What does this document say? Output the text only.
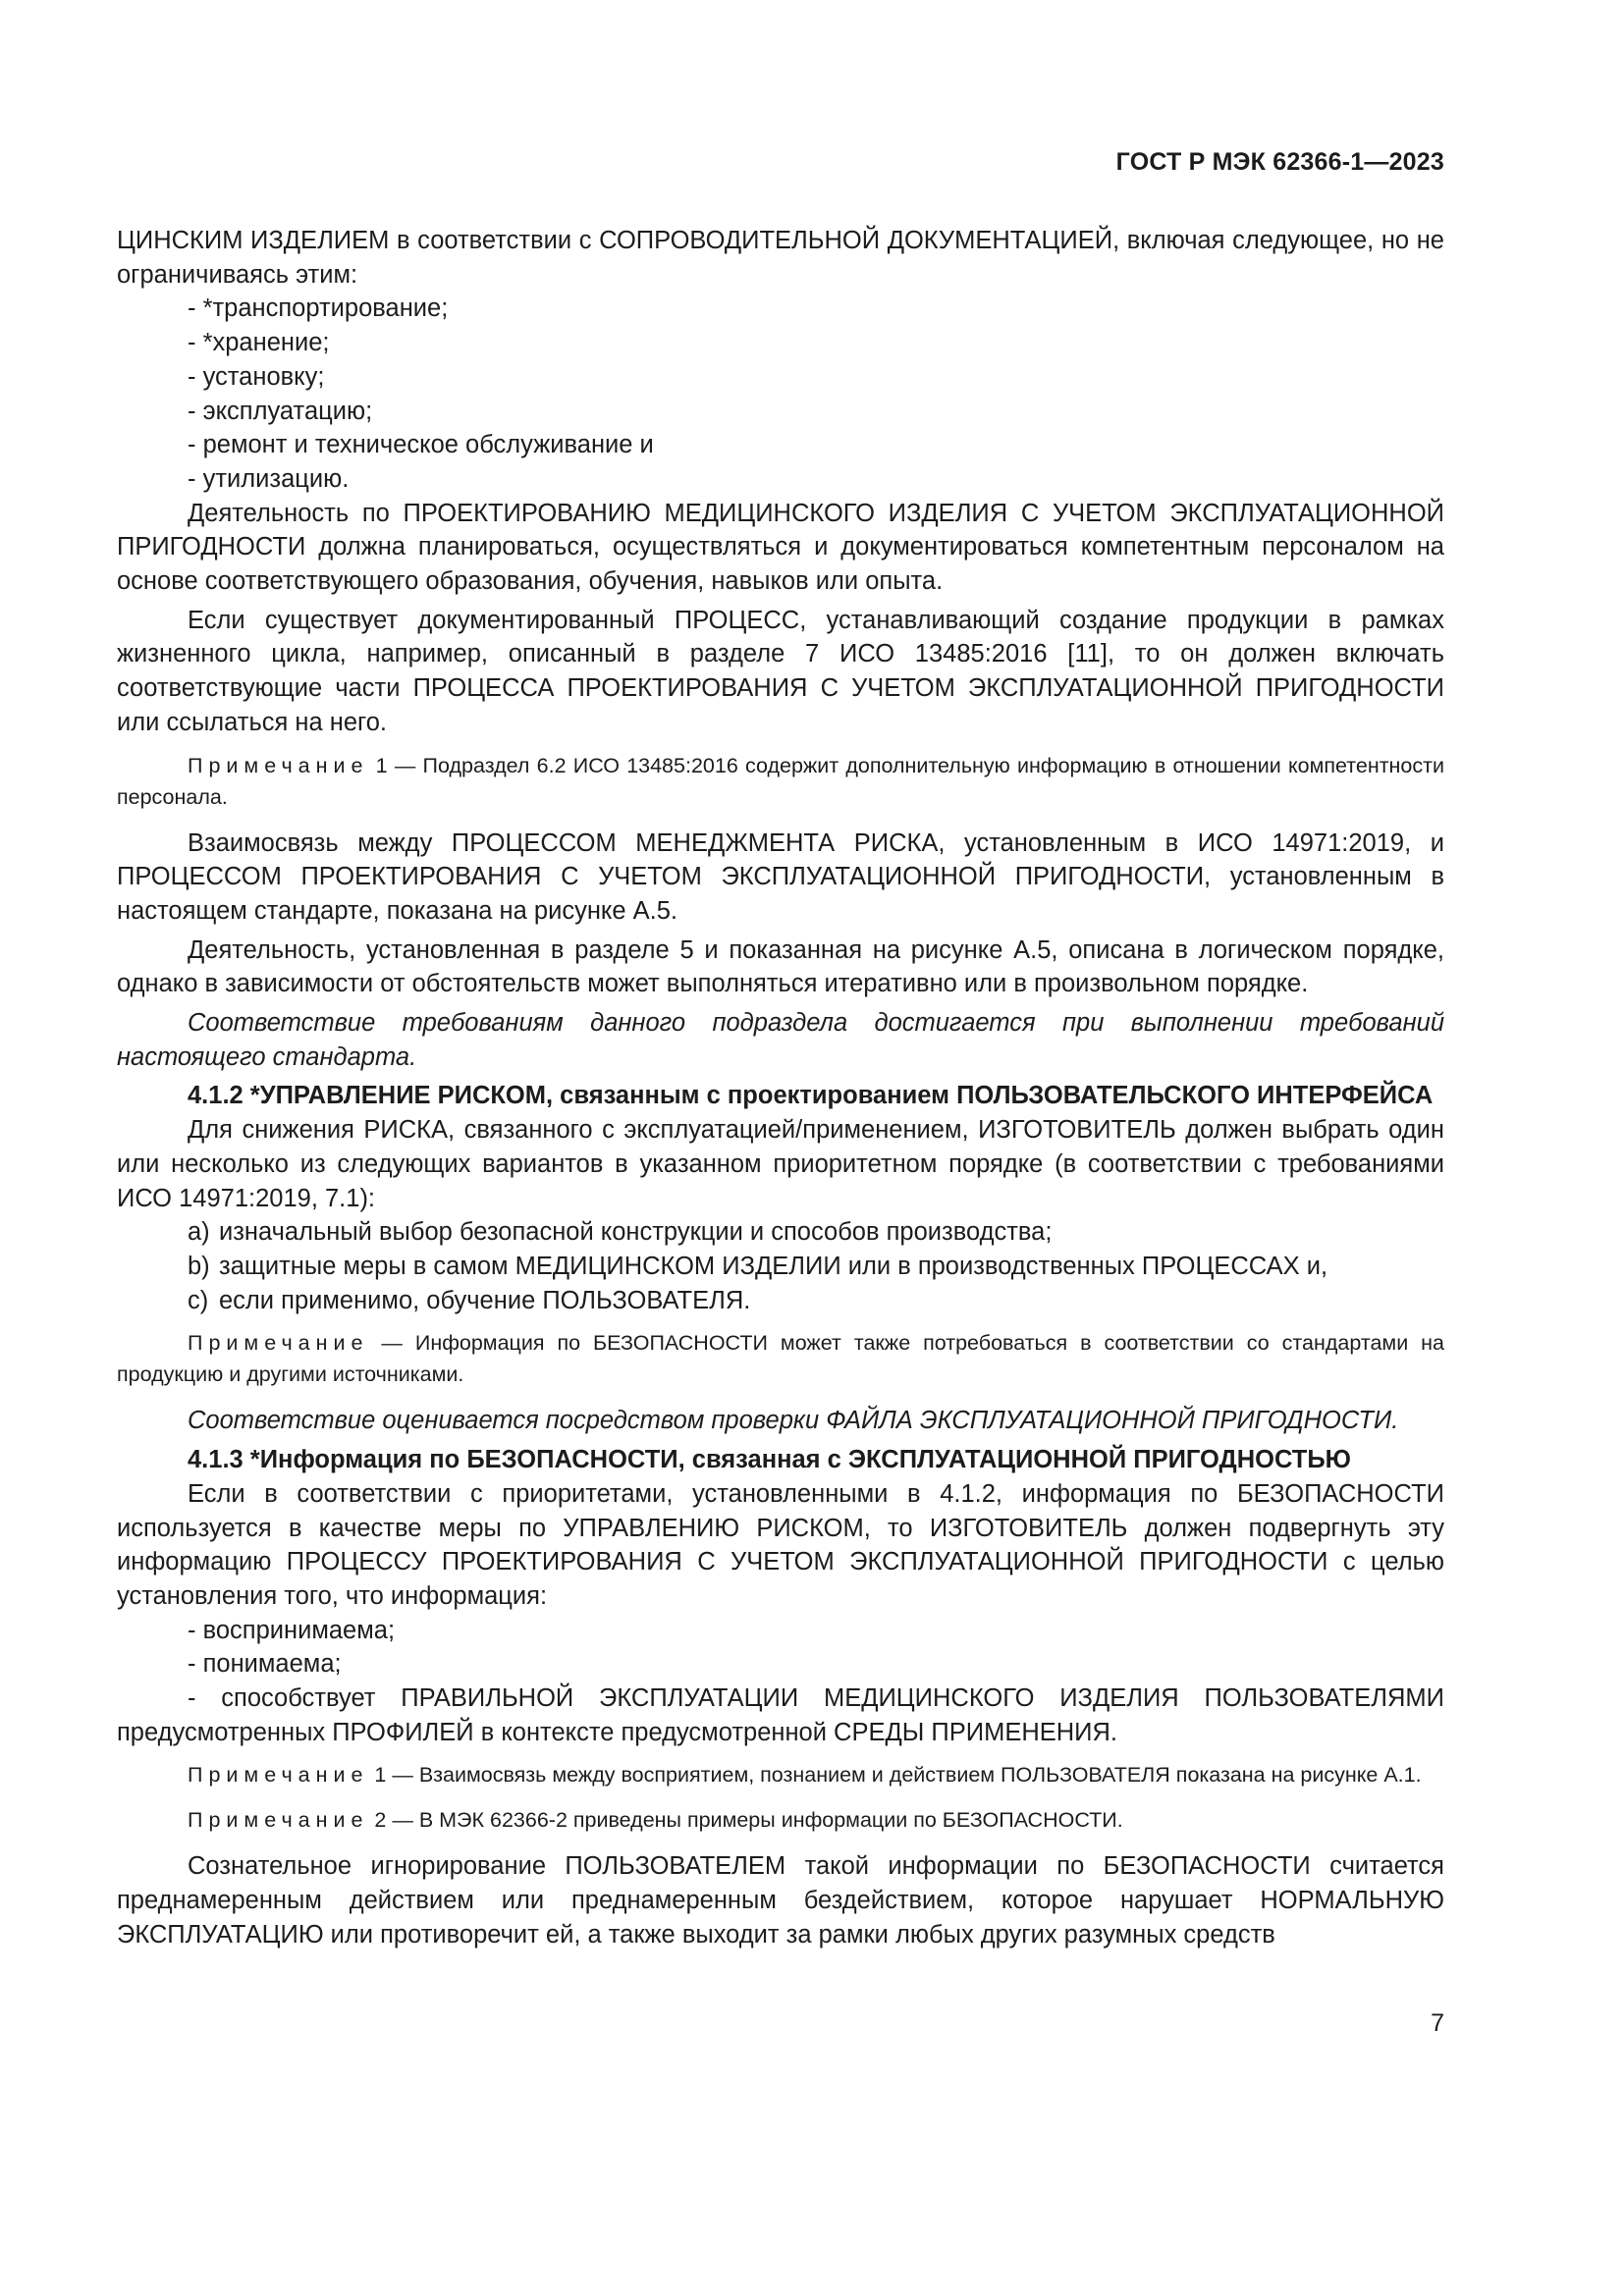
ГОСТ Р МЭК 62366-1—2023

ЦИНСКИМ ИЗДЕЛИЕМ в соответствии с СОПРОВОДИТЕЛЬНОЙ ДОКУМЕНТАЦИЕЙ, включая следующее, но не ограничиваясь этим:

- *транспортирование;
- *хранение;
- установку;
- эксплуатацию;
- ремонт и техническое обслуживание и
- утилизацию.

Деятельность по ПРОЕКТИРОВАНИЮ МЕДИЦИНСКОГО ИЗДЕЛИЯ С УЧЕТОМ ЭКСПЛУАТАЦИОННОЙ ПРИГОДНОСТИ должна планироваться, осуществляться и документироваться компетентным персоналом на основе соответствующего образования, обучения, навыков или опыта.

Если существует документированный ПРОЦЕСС, устанавливающий создание продукции в рамках жизненного цикла, например, описанный в разделе 7 ИСО 13485:2016 [11], то он должен включать соответствующие части ПРОЦЕССА ПРОЕКТИРОВАНИЯ С УЧЕТОМ ЭКСПЛУАТАЦИОННОЙ ПРИГОДНОСТИ или ссылаться на него.

Примечание 1 — Подраздел 6.2 ИСО 13485:2016 содержит дополнительную информацию в отношении компетентности персонала.

Взаимосвязь между ПРОЦЕССОМ МЕНЕДЖМЕНТА РИСКА, установленным в ИСО 14971:2019, и ПРОЦЕССОМ ПРОЕКТИРОВАНИЯ С УЧЕТОМ ЭКСПЛУАТАЦИОННОЙ ПРИГОДНОСТИ, установленным в настоящем стандарте, показана на рисунке А.5.

Деятельность, установленная в разделе 5 и показанная на рисунке А.5, описана в логическом порядке, однако в зависимости от обстоятельств может выполняться итеративно или в произвольном порядке.

Соответствие требованиям данного подраздела достигается при выполнении требований настоящего стандарта.

4.1.2 *УПРАВЛЕНИЕ РИСКОМ, связанным с проектированием ПОЛЬЗОВАТЕЛЬСКОГО ИНТЕРФЕЙСА

Для снижения РИСКА, связанного с эксплуатацией/применением, ИЗГОТОВИТЕЛЬ должен выбрать один или несколько из следующих вариантов в указанном приоритетном порядке (в соответствии с требованиями ИСО 14971:2019, 7.1):

a) изначальный выбор безопасной конструкции и способов производства;
b) защитные меры в самом МЕДИЦИНСКОМ ИЗДЕЛИИ или в производственных ПРОЦЕССАХ и,
c) если применимо, обучение ПОЛЬЗОВАТЕЛЯ.

Примечание — Информация по БЕЗОПАСНОСТИ может также потребоваться в соответствии со стандартами на продукцию и другими источниками.

Соответствие оценивается посредством проверки ФАЙЛА ЭКСПЛУАТАЦИОННОЙ ПРИГОДНОСТИ.

4.1.3 *Информация по БЕЗОПАСНОСТИ, связанная с ЭКСПЛУАТАЦИОННОЙ ПРИГОДНОСТЬЮ

Если в соответствии с приоритетами, установленными в 4.1.2, информация по БЕЗОПАСНОСТИ используется в качестве меры по УПРАВЛЕНИЮ РИСКОМ, то ИЗГОТОВИТЕЛЬ должен подвергнуть эту информацию ПРОЦЕССУ ПРОЕКТИРОВАНИЯ С УЧЕТОМ ЭКСПЛУАТАЦИОННОЙ ПРИГОДНОСТИ с целью установления того, что информация:

- воспринимаема;
- понимаема;
- способствует ПРАВИЛЬНОЙ ЭКСПЛУАТАЦИИ МЕДИЦИНСКОГО ИЗДЕЛИЯ ПОЛЬЗОВАТЕЛЯМИ предусмотренных ПРОФИЛЕЙ в контексте предусмотренной СРЕДЫ ПРИМЕНЕНИЯ.

Примечание 1 — Взаимосвязь между восприятием, познанием и действием ПОЛЬЗОВАТЕЛЯ показана на рисунке А.1.

Примечание 2 — В МЭК 62366-2 приведены примеры информации по БЕЗОПАСНОСТИ.

Сознательное игнорирование ПОЛЬЗОВАТЕЛЕМ такой информации по БЕЗОПАСНОСТИ считается преднамеренным действием или преднамеренным бездействием, которое нарушает НОРМАЛЬНУЮ ЭКСПЛУАТАЦИЮ или противоречит ей, а также выходит за рамки любых других разумных средств

7
